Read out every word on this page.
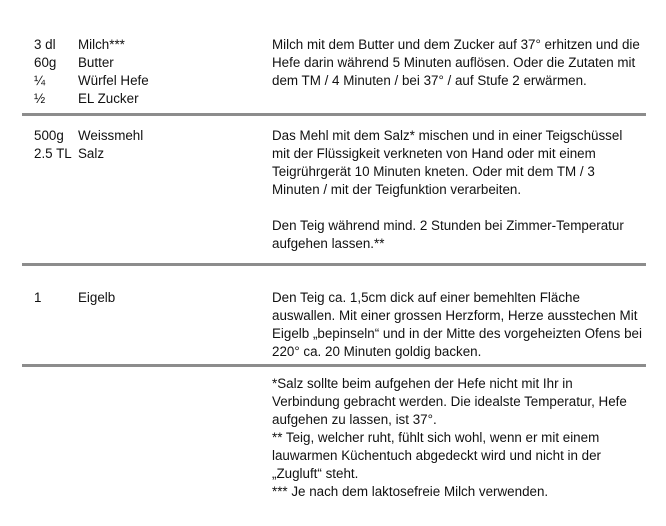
3 dl Milch***
60g Butter
¼ Würfel Hefe
½ EL Zucker

Milch mit dem Butter und dem Zucker auf 37° erhitzen und die Hefe darin während 5 Minuten auflösen. Oder die Zutaten mit dem TM / 4 Minuten / bei 37° / auf Stufe 2 erwärmen.

500g Weissmehl
2.5 TL Salz

Das Mehl mit dem Salz* mischen und in einer Teigschüssel mit der Flüssigkeit verkneten von Hand oder mit einem Teigrührgerät 10 Minuten kneten. Oder mit dem TM / 3 Minuten / mit der Teigfunktion verarbeiten.

Den Teig während mind. 2 Stunden bei Zimmer-Temperatur aufgehen lassen.**

1	Eigelb	Den Teig ca. 1,5cm dick auf einer bemehlten Fläche auswallen. Mit einer grossen Herzform, Herze ausstechen Mit Eigelb „bepinseln“ und in der Mitte des vorgeheizten Ofens bei 220° ca. 20 Minuten goldig backen.

*Salz sollte beim aufgehen der Hefe nicht mit Ihr in Verbindung gebracht werden. Die idealste Temperatur, Hefe aufgehen zu lassen, ist 37°.

** Teig, welcher ruht, fühlt sich wohl, wenn er mit einem lauwarmen Küchentuch abgedeckt wird und nicht in der „Zugluft“ steht.

*** Je nach dem laktosefreie Milch verwenden.
